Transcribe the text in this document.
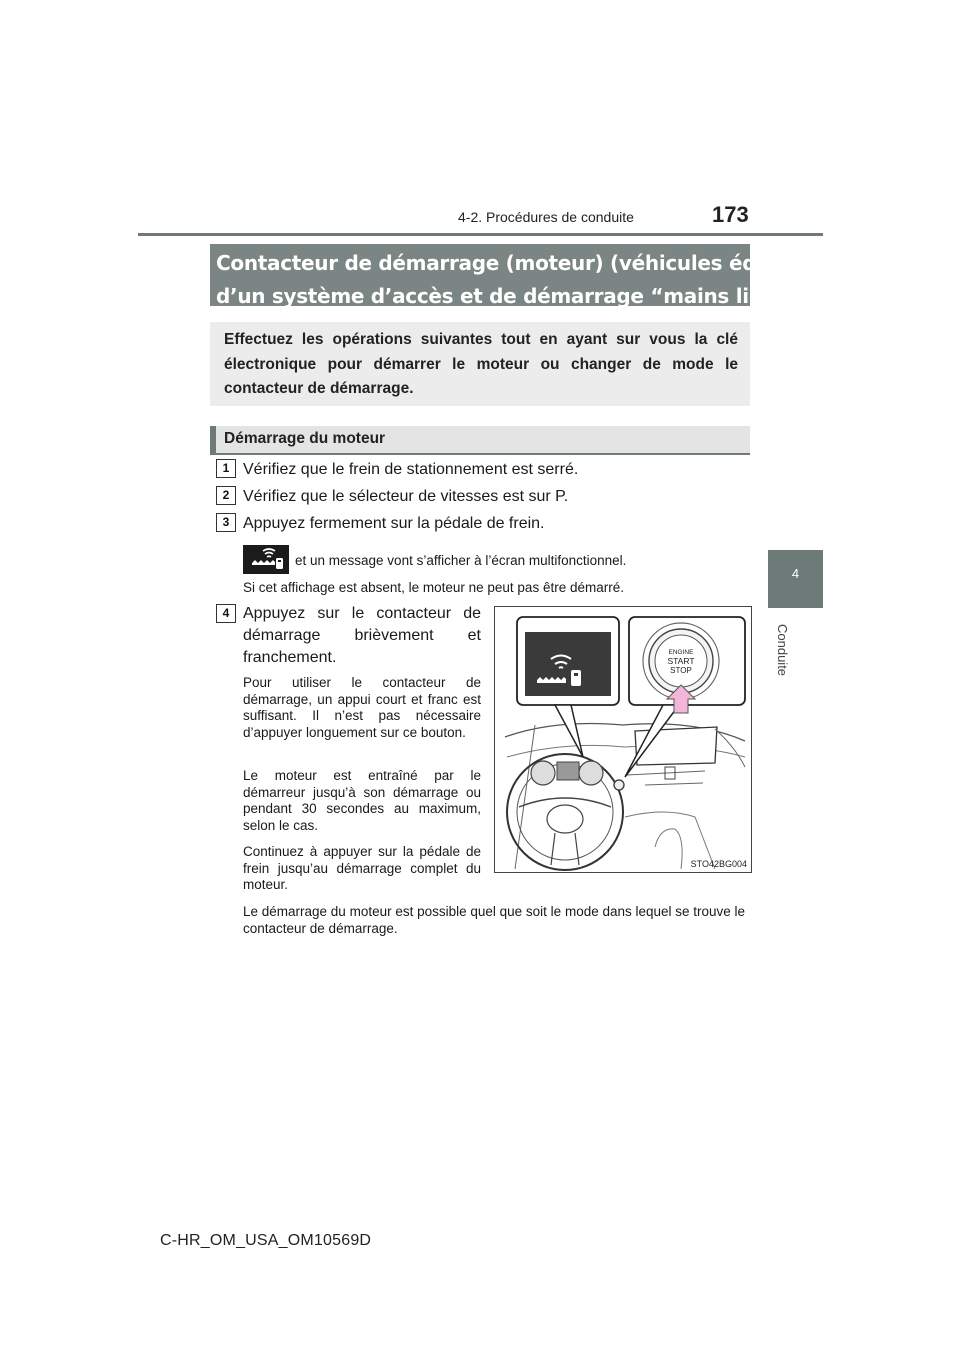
4-2. Procédures de conduite	173
4
Conduite
Contacteur de démarrage (moteur) (véhicules équipés
d’un système d’accès et de démarrage “mains libres”)

Effectuez les opérations suivantes tout en ayant sur vous la clé électronique pour démarrer le moteur ou changer de mode le contacteur de démarrage.

Démarrage du moteur
1 Vérifiez que le frein de stationnement est serré.
2 Vérifiez que le sélecteur de vitesses est sur P.
3 Appuyez fermement sur la pédale de frein.
et un message vont s’afficher à l’écran multifonctionnel.
Si cet affichage est absent, le moteur ne peut pas être démarré.
4 Appuyez sur le contacteur de démarrage brièvement et franchement.

Pour utiliser le contacteur de démarrage, un appui court et franc est suffisant. Il n’est pas nécessaire d’appuyer longuement sur ce bouton.

Le moteur est entraîné par le démarreur jusqu’à son démarrage ou pendant 30 secondes au maximum, selon le cas.

Continuez à appuyer sur la pédale de frein jusqu’au démarrage complet du moteur.

ENGINE
START
STOP
STO42BG004

Le démarrage du moteur est possible quel que soit le mode dans lequel se trouve le contacteur de démarrage.

C-HR_OM_USA_OM10569D
